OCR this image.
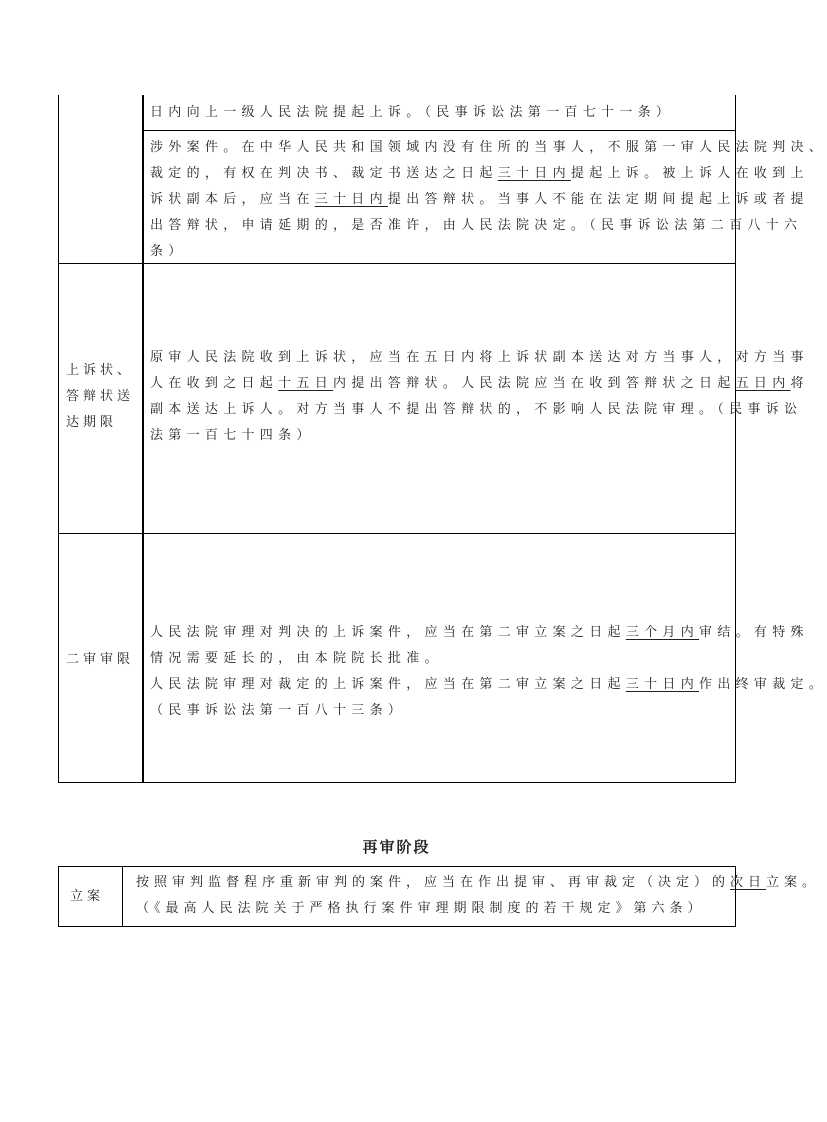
日内向上一级人民法院提起上诉。（民事诉讼法第一百七十一条）
涉外案件。在中华人民共和国领域内没有住所的当事人，不服第一审人民法院判决、
裁定的，有权在判决书、裁定书送达之日起三十日内提起上诉。被上诉人在收到上
诉状副本后，应当在三十日内提出答辩状。当事人不能在法定期间提起上诉或者提
出答辩状，申请延期的，是否准许，由人民法院决定。（民事诉讼法第二百八十六
条）
上诉状、
答辩状送
达期限
原审人民法院收到上诉状，应当在五日内将上诉状副本送达对方当事人，对方当事
人在收到之日起十五日内提出答辩状。人民法院应当在收到答辩状之日起五日内将
副本送达上诉人。对方当事人不提出答辩状的，不影响人民法院审理。（民事诉讼
法第一百七十四条）
二审审限
人民法院审理对判决的上诉案件，应当在第二审立案之日起三个月内审结。有特殊
情况需要延长的，由本院院长批准。
人民法院审理对裁定的上诉案件，应当在第二审立案之日起三十日内作出终审裁定。
（民事诉讼法第一百八十三条）
再审阶段
立案
按照审判监督程序重新审判的案件，应当在作出提审、再审裁定（决定）的次日立案。
（《最高人民法院关于严格执行案件审理期限制度的若干规定》第六条）
